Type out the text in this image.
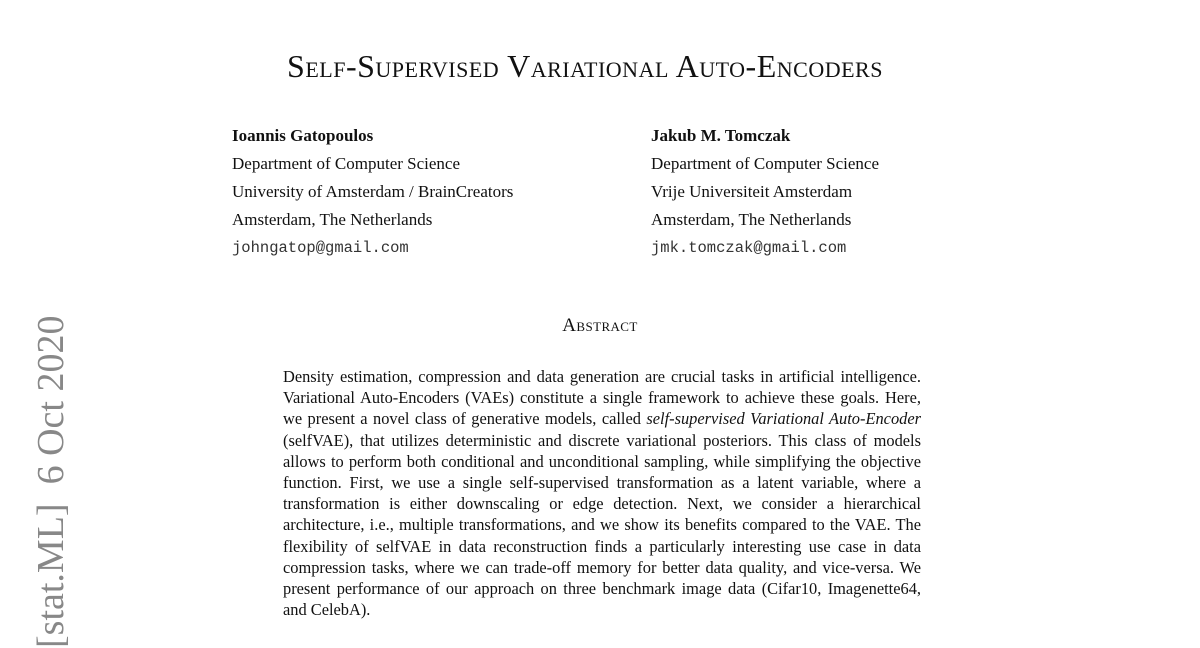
Self-Supervised Variational Auto-Encoders
Ioannis Gatopoulos
Department of Computer Science
University of Amsterdam / BrainCreators
Amsterdam, The Netherlands
johngatop@gmail.com
Jakub M. Tomczak
Department of Computer Science
Vrije Universiteit Amsterdam
Amsterdam, The Netherlands
jmk.tomczak@gmail.com
Abstract

Density estimation, compression and data generation are crucial tasks in artificial intelligence. Variational Auto-Encoders (VAEs) constitute a single framework to achieve these goals. Here, we present a novel class of generative models, called self-supervised Variational Auto-Encoder (selfVAE), that utilizes deterministic and discrete variational posteriors. This class of models allows to perform both conditional and unconditional sampling, while simplifying the objective function. First, we use a single self-supervised transformation as a latent variable, where a transformation is either downscaling or edge detection. Next, we consider a hierarchical architecture, i.e., multiple transformations, and we show its benefits compared to the VAE. The flexibility of selfVAE in data reconstruction finds a particularly interesting use case in data compression tasks, where we can trade-off memory for better data quality, and vice-versa. We present performance of our approach on three benchmark image data (Cifar10, Imagenette64, and CelebA).

[stat.ML]  6 Oct 2020
